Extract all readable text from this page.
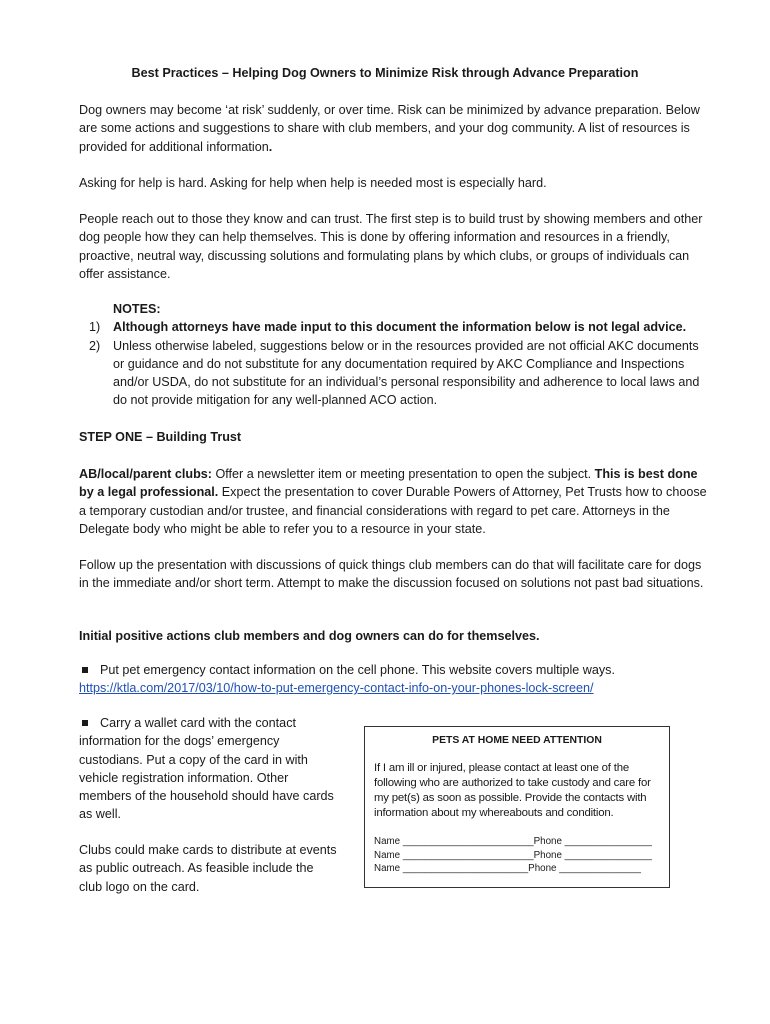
Best Practices – Helping Dog Owners to Minimize Risk through Advance Preparation
Dog owners may become ‘at risk’ suddenly, or over time. Risk can be minimized by advance preparation. Below are some actions and suggestions to share with club members, and your dog community. A list of resources is provided for additional information.
Asking for help is hard. Asking for help when help is needed most is especially hard.
People reach out to those they know and can trust. The first step is to build trust by showing members and other dog people how they can help themselves. This is done by offering information and resources in a friendly, proactive, neutral way, discussing solutions and formulating plans by which clubs, or groups of individuals can offer assistance.
NOTES:
1) Although attorneys have made input to this document the information below is not legal advice.
2) Unless otherwise labeled, suggestions below or in the resources provided are not official AKC documents or guidance and do not substitute for any documentation required by AKC Compliance and Inspections and/or USDA, do not substitute for an individual’s personal responsibility and adherence to local laws and do not provide mitigation for any well-planned ACO action.
STEP ONE – Building Trust
AB/local/parent clubs: Offer a newsletter item or meeting presentation to open the subject. This is best done by a legal professional. Expect the presentation to cover Durable Powers of Attorney, Pet Trusts how to choose a temporary custodian and/or trustee, and financial considerations with regard to pet care. Attorneys in the Delegate body who might be able to refer you to a resource in your state.
Follow up the presentation with discussions of quick things club members can do that will facilitate care for dogs in the immediate and/or short term. Attempt to make the discussion focused on solutions not past bad situations.
Initial positive actions club members and dog owners can do for themselves.
Put pet emergency contact information on the cell phone. This website covers multiple ways.
https://ktla.com/2017/03/10/how-to-put-emergency-contact-info-on-your-phones-lock-screen/
Carry a wallet card with the contact
information for the dogs’ emergency
custodians. Put a copy of the card in with
vehicle registration information. Other
members of the household should have cards
as well.
Clubs could make cards to distribute at events
as public outreach. As feasible include the
club logo on the card.
PETS AT HOME NEED ATTENTION
If I am ill or injured, please contact at least one of the following who are authorized to take custody and care for my pet(s) as soon as possible. Provide the contacts with information about my whereabouts and condition.
Name ________________________Phone ________________
Name ________________________Phone ________________
Name _______________________Phone _______________
